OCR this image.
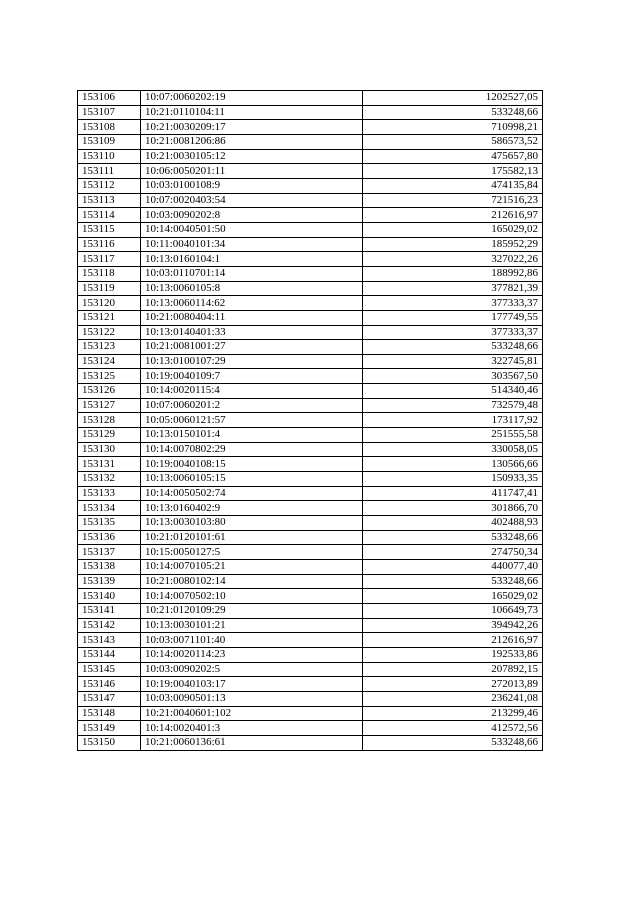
153106	10:07:0060202:19	1202527,05
153107	10:21:0110104:11	533248,66
153108	10:21:0030209:17	710998,21
153109	10:21:0081206:86	586573,52
153110	10:21:0030105:12	475657,80
153111	10:06:0050201:11	175582,13
153112	10:03:0100108:9	474135,84
153113	10:07:0020403:54	721516,23
153114	10:03:0090202:8	212616,97
153115	10:14:0040501:50	165029,02
153116	10:11:0040101:34	185952,29
153117	10:13:0160104:1	327022,26
153118	10:03:0110701:14	188992,86
153119	10:13:0060105:8	377821,39
153120	10:13:0060114:62	377333,37
153121	10:21:0080404:11	177749,55
153122	10:13:0140401:33	377333,37
153123	10:21:0081001:27	533248,66
153124	10:13:0100107:29	322745,81
153125	10:19:0040109:7	303567,50
153126	10:14:0020115:4	514340,46
153127	10:07:0060201:2	732579,48
153128	10:05:0060121:57	173117,92
153129	10:13:0150101:4	251555,58
153130	10:14:0070802:29	330058,05
153131	10:19:0040108:15	130566,66
153132	10:13:0060105:15	150933,35
153133	10:14:0050502:74	411747,41
153134	10:13:0160402:9	301866,70
153135	10:13:0030103:80	402488,93
153136	10:21:0120101:61	533248,66
153137	10:15:0050127:5	274750,34
153138	10:14:0070105:21	440077,40
153139	10:21:0080102:14	533248,66
153140	10:14:0070502:10	165029,02
153141	10:21:0120109:29	106649,73
153142	10:13:0030101:21	394942,26
153143	10:03:0071101:40	212616,97
153144	10:14:0020114:23	192533,86
153145	10:03:0090202:5	207892,15
153146	10:19:0040103:17	272013,89
153147	10:03:0090501:13	236241,08
153148	10:21:0040601:102	213299,46
153149	10:14:0020401:3	412572,56
153150	10:21:0060136:61	533248,66
